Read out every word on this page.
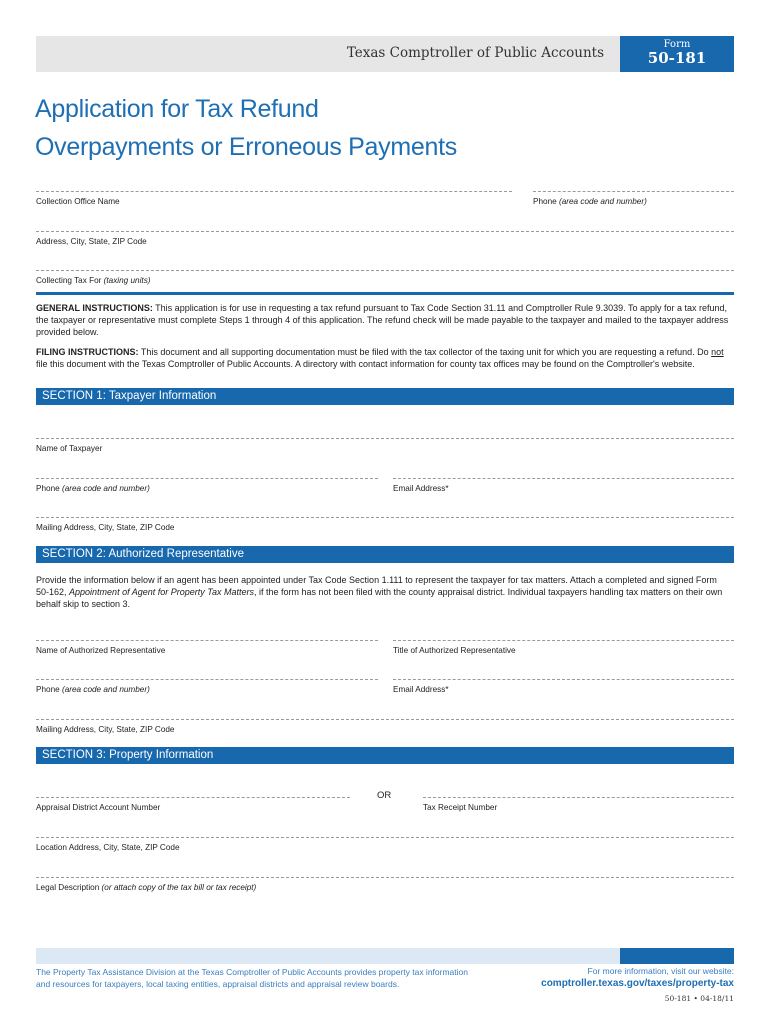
Texas Comptroller of Public Accounts
Form
50-181
Application for Tax Refund
Overpayments or Erroneous Payments
Collection Office Name	Phone (area code and number)
Address, City, State, ZIP Code
Collecting Tax For (taxing units)
GENERAL INSTRUCTIONS: This application is for use in requesting a tax refund pursuant to Tax Code Section 31.11 and Comptroller Rule 9.3039. To apply for a tax refund, the taxpayer or representative must complete Steps 1 through 4 of this application. The refund check will be made payable to the taxpayer and mailed to the taxpayer address provided below.
FILING INSTRUCTIONS: This document and all supporting documentation must be filed with the tax collector of the taxing unit for which you are requesting a refund. Do not file this document with the Texas Comptroller of Public Accounts. A directory with contact information for county tax offices may be found on the Comptroller's website.
SECTION 1: Taxpayer Information
Name of Taxpayer
Phone (area code and number)	Email Address*
Mailing Address, City, State, ZIP Code
SECTION 2: Authorized Representative
Provide the information below if an agent has been appointed under Tax Code Section 1.111 to represent the taxpayer for tax matters. Attach a completed and signed Form 50-162, Appointment of Agent for Property Tax Matters, if the form has not been filed with the county appraisal district. Individual taxpayers handling tax matters on their own behalf skip to section 3.
Name of Authorized Representative	Title of Authorized Representative
Phone (area code and number)	Email Address*
Mailing Address, City, State, ZIP Code
SECTION 3: Property Information
Appraisal District Account Number
OR
Tax Receipt Number
Location Address, City, State, ZIP Code
Legal Description (or attach copy of the tax bill or tax receipt)
The Property Tax Assistance Division at the Texas Comptroller of Public Accounts provides property tax information and resources for taxpayers, local taxing entities, appraisal districts and appraisal review boards.
For more information, visit our website:
comptroller.texas.gov/taxes/property-tax
50-181 • 04-18/11
